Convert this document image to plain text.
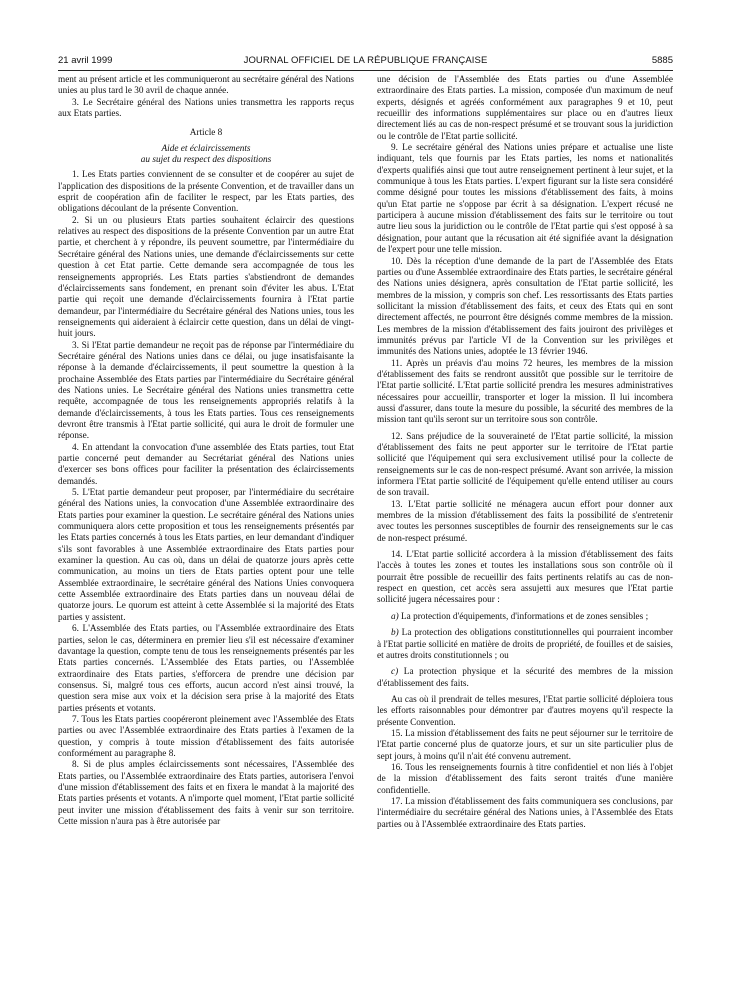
21 avril 1999	JOURNAL OFFICIEL DE LA RÉPUBLIQUE FRANÇAISE	5885

ment au présent article et les communiqueront au secrétaire général des Nations unies au plus tard le 30 avril de chaque année.

3. Le Secrétaire général des Nations unies transmettra les rapports reçus aux Etats parties.

Article 8

Aide et éclaircissements
au sujet du respect des dispositions

1. Les Etats parties conviennent de se consulter et de coopérer au sujet de l'application des dispositions de la présente Convention, et de travailler dans un esprit de coopération afin de faciliter le respect, par les Etats parties, des obligations découlant de la présente Convention.

2. Si un ou plusieurs Etats parties souhaitent éclaircir des questions relatives au respect des dispositions de la présente Convention par un autre Etat partie, et cherchent à y répondre, ils peuvent soumettre, par l'intermédiaire du Secrétaire général des Nations unies, une demande d'éclaircissements sur cette question à cet Etat partie. Cette demande sera accompagnée de tous les renseignements appropriés. Les Etats parties s'abstiendront de demandes d'éclaircissements sans fondement, en prenant soin d'éviter les abus. L'Etat partie qui reçoit une demande d'éclaircissements fournira à l'Etat partie demandeur, par l'intermédiaire du Secrétaire général des Nations unies, tous les renseignements qui aideraient à éclaircir cette question, dans un délai de vingt-huit jours.

3. Si l'Etat partie demandeur ne reçoit pas de réponse par l'intermédiaire du Secrétaire général des Nations unies dans ce délai, ou juge insatisfaisante la réponse à la demande d'éclaircissements, il peut soumettre la question à la prochaine Assemblée des Etats parties par l'intermédiaire du Secrétaire général des Nations unies. Le Secrétaire général des Nations unies transmettra cette requête, accompagnée de tous les renseignements appropriés relatifs à la demande d'éclaircissements, à tous les Etats parties. Tous ces renseignements devront être transmis à l'Etat partie sollicité, qui aura le droit de formuler une réponse.

4. En attendant la convocation d'une assemblée des Etats parties, tout Etat partie concerné peut demander au Secrétariat général des Nations unies d'exercer ses bons offices pour faciliter la présentation des éclaircissements demandés.

5. L'Etat partie demandeur peut proposer, par l'intermédiaire du secrétaire général des Nations unies, la convocation d'une Assemblée extraordinaire des Etats parties pour examiner la question. Le secrétaire général des Nations unies communiquera alors cette proposition et tous les renseignements présentés par les Etats parties concernés à tous les Etats parties, en leur demandant d'indiquer s'ils sont favorables à une Assemblée extraordinaire des Etats parties pour examiner la question. Au cas où, dans un délai de quatorze jours après cette communication, au moins un tiers de Etats parties optent pour une telle Assemblée extraordinaire, le secrétaire général des Nations Unies convoquera cette Assemblée extraordinaire des Etats parties dans un nouveau délai de quatorze jours. Le quorum est atteint à cette Assemblée si la majorité des Etats parties y assistent.

6. L'Assemblée des Etats parties, ou l'Assemblée extraordinaire des Etats parties, selon le cas, déterminera en premier lieu s'il est nécessaire d'examiner davantage la question, compte tenu de tous les renseignements présentés par les Etats parties concernés. L'Assemblée des Etats parties, ou l'Assemblée extraordinaire des Etats parties, s'efforcera de prendre une décision par consensus. Si, malgré tous ces efforts, aucun accord n'est ainsi trouvé, la question sera mise aux voix et la décision sera prise à la majorité des Etats parties présents et votants.

7. Tous les Etats parties coopéreront pleinement avec l'Assemblée des Etats parties ou avec l'Assemblée extraordinaire des Etats parties à l'examen de la question, y compris à toute mission d'établissement des faits autorisée conformément au paragraphe 8.

8. Si de plus amples éclaircissements sont nécessaires, l'Assemblée des Etats parties, ou l'Assemblée extraordinaire des Etats parties, autorisera l'envoi d'une mission d'établissement des faits et en fixera le mandat à la majorité des Etats parties présents et votants. A n'importe quel moment, l'Etat partie sollicité peut inviter une mission d'établissement des faits à venir sur son territoire. Cette mission n'aura pas à être autorisée par

une décision de l'Assemblée des Etats parties ou d'une Assemblée extraordinaire des Etats parties. La mission, composée d'un maximum de neuf experts, désignés et agréés conformément aux paragraphes 9 et 10, peut recueillir des informations supplémentaires sur place ou en d'autres lieux directement liés au cas de non-respect présumé et se trouvant sous la juridiction ou le contrôle de l'Etat partie sollicité.

9. Le secrétaire général des Nations unies prépare et actualise une liste indiquant, tels que fournis par les Etats parties, les noms et nationalités d'experts qualifiés ainsi que tout autre renseignement pertinent à leur sujet, et la communique à tous les Etats parties. L'expert figurant sur la liste sera considéré comme désigné pour toutes les missions d'établissement des faits, à moins qu'un Etat partie ne s'oppose par écrit à sa désignation. L'expert récusé ne participera à aucune mission d'établissement des faits sur le territoire ou tout autre lieu sous la juridiction ou le contrôle de l'Etat partie qui s'est opposé à sa désignation, pour autant que la récusation ait été signifiée avant la désignation de l'expert pour une telle mission.

10. Dès la réception d'une demande de la part de l'Assemblée des Etats parties ou d'une Assemblée extraordinaire des Etats parties, le secrétaire général des Nations unies désignera, après consultation de l'Etat partie sollicité, les membres de la mission, y compris son chef. Les ressortissants des Etats parties sollicitant la mission d'établissement des faits, et ceux des Etats qui en sont directement affectés, ne pourront être désignés comme membres de la mission. Les membres de la mission d'établissement des faits jouiront des privilèges et immunités prévus par l'article VI de la Convention sur les privilèges et immunités des Nations unies, adoptée le 13 février 1946.

11. Après un préavis d'au moins 72 heures, les membres de la mission d'établissement des faits se rendront aussitôt que possible sur le territoire de l'Etat partie sollicité. L'Etat partie sollicité prendra les mesures administratives nécessaires pour accueillir, transporter et loger la mission. Il lui incombera aussi d'assurer, dans toute la mesure du possible, la sécurité des membres de la mission tant qu'ils seront sur un territoire sous son contrôle.

12. Sans préjudice de la souveraineté de l'Etat partie sollicité, la mission d'établissement des faits ne peut apporter sur le territoire de l'Etat partie sollicité que l'équipement qui sera exclusivement utilisé pour la collecte de renseignements sur le cas de non-respect présumé. Avant son arrivée, la mission informera l'Etat partie sollicité de l'équipement qu'elle entend utiliser au cours de son travail.

13. L'Etat partie sollicité ne ménagera aucun effort pour donner aux membres de la mission d'établissement des faits la possibilité de s'entretenir avec toutes les personnes susceptibles de fournir des renseignements sur le cas de non-respect présumé.

14. L'Etat partie sollicité accordera à la mission d'établissement des faits l'accès à toutes les zones et toutes les installations sous son contrôle où il pourrait être possible de recueillir des faits pertinents relatifs au cas de non-respect en question, cet accès sera assujetti aux mesures que l'Etat partie sollicité jugera nécessaires pour :

a) La protection d'équipements, d'informations et de zones sensibles ;

b) La protection des obligations constitutionnelles qui pourraient incomber à l'Etat partie sollicité en matière de droits de propriété, de fouilles et de saisies, et autres droits constitutionnels ; ou

c) La protection physique et la sécurité des membres de la mission d'établissement des faits.

Au cas où il prendrait de telles mesures, l'Etat partie sollicité déploiera tous les efforts raisonnables pour démontrer par d'autres moyens qu'il respecte la présente Convention.

15. La mission d'établissement des faits ne peut séjourner sur le territoire de l'Etat partie concerné plus de quatorze jours, et sur un site particulier plus de sept jours, à moins qu'il n'ait été convenu autrement.

16. Tous les renseignements fournis à titre confidentiel et non liés à l'objet de la mission d'établissement des faits seront traités d'une manière confidentielle.

17. La mission d'établissement des faits communiquera ses conclusions, par l'intermédiaire du secrétaire général des Nations unies, à l'Assemblée des Etats parties ou à l'Assemblée extraordinaire des Etats parties.
